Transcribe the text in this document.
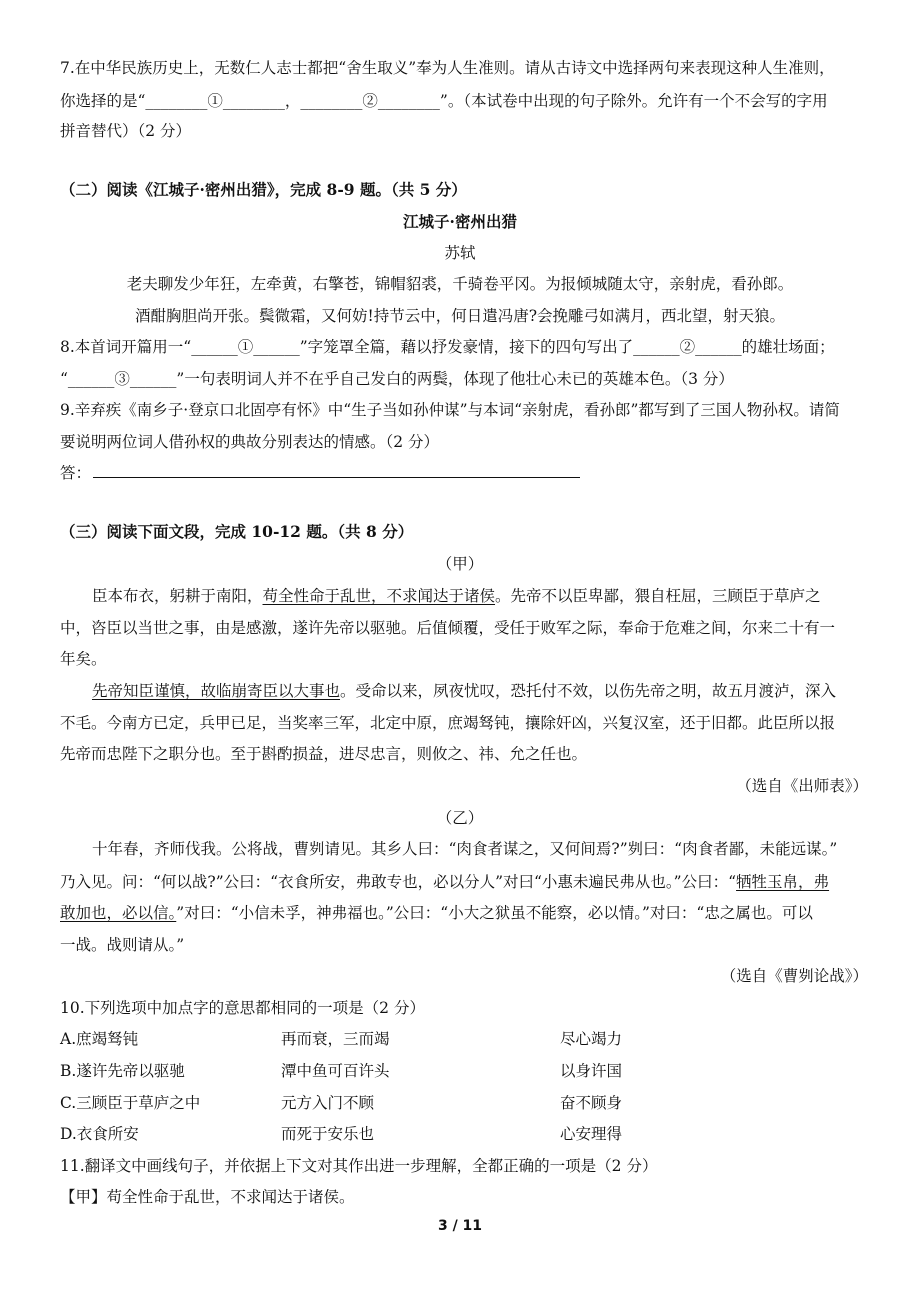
7.在中华民族历史上，无数仁人志士都把“舍生取义”奉为人生准则。请从古诗文中选择两句来表现这种人生准则，
你选择的是“________①________，________②________”。（本试卷中出现的句子除外。允许有一个不会写的字用
拼音替代）（2 分）
（二）阅读《江城子·密州出猎》，完成 8-9 题。（共 5 分）
江城子·密州出猎
苏轼
老夫聊发少年狂，左牵黄，右擎苍，锦帽貂裘，千骑卷平冈。为报倾城随太守，亲射虎，看孙郎。
酒酣胸胆尚开张。鬓微霜，又何妨!持节云中，何日遣冯唐?会挽雕弓如满月，西北望，射天狼。
8.本首词开篇用一“______①______”字笼罩全篇，藉以抒发豪情，接下的四句写出了______②______的雄壮场面；
“______③______”一句表明词人并不在乎自己发白的两鬓，体现了他壮心未已的英雄本色。（3 分）
9.辛弃疾《南乡子·登京口北固亭有怀》中“生子当如孙仲谋”与本词“亲射虎，看孙郎”都写到了三国人物孙权。请简
要说明两位词人借孙权的典故分别表达的情感。（2 分）
答：
（三）阅读下面文段，完成 10-12 题。（共 8 分）
（甲）
臣本布衣，躬耕于南阳，苟全性命于乱世，不求闻达于诸侯。先帝不以臣卑鄙，猥自枉屈，三顾臣于草庐之
中，咨臣以当世之事，由是感激，遂许先帝以驱驰。后值倾覆，受任于败军之际，奉命于危难之间，尔来二十有一
年矣。
先帝知臣谨慎，故临崩寄臣以大事也。受命以来，夙夜忧叹，恐托付不效，以伤先帝之明，故五月渡泸，深入
不毛。今南方已定，兵甲已足，当奖率三军，北定中原，庶竭驽钝，攘除奸凶，兴复汉室，还于旧都。此臣所以报
先帝而忠陛下之职分也。至于斟酌损益，进尽忠言，则攸之、祎、允之任也。
（选自《出师表》）
（乙）
十年春，齐师伐我。公将战，曹刿请见。其乡人曰：“肉食者谋之，又何间焉?”刿曰：“肉食者鄙，未能远谋。”
乃入见。问：“何以战?”公曰：“衣食所安，弗敢专也，必以分人”对曰“小惠未遍民弗从也。”公曰：“牺牲玉帛，弗
敢加也，必以信。”对曰：“小信未孚，神弗福也。”公曰：“小大之狱虽不能察，必以情。”对曰：“忠之属也。可以
一战。战则请从。”
（选自《曹刿论战》）
10.下列选项中加点字的意思都相同的一项是（2 分）
A.庶竭驽钝	再而衰，三而竭	尽心竭力
B.遂许先帝以驱驰	潭中鱼可百许头	以身许国
C.三顾臣于草庐之中	元方入门不顾	奋不顾身
D.衣食所安	而死于安乐也	心安理得
11.翻译文中画线句子，并依据上下文对其作出进一步理解，全都正确的一项是（2 分）
【甲】苟全性命于乱世，不求闻达于诸侯。
3 / 11
